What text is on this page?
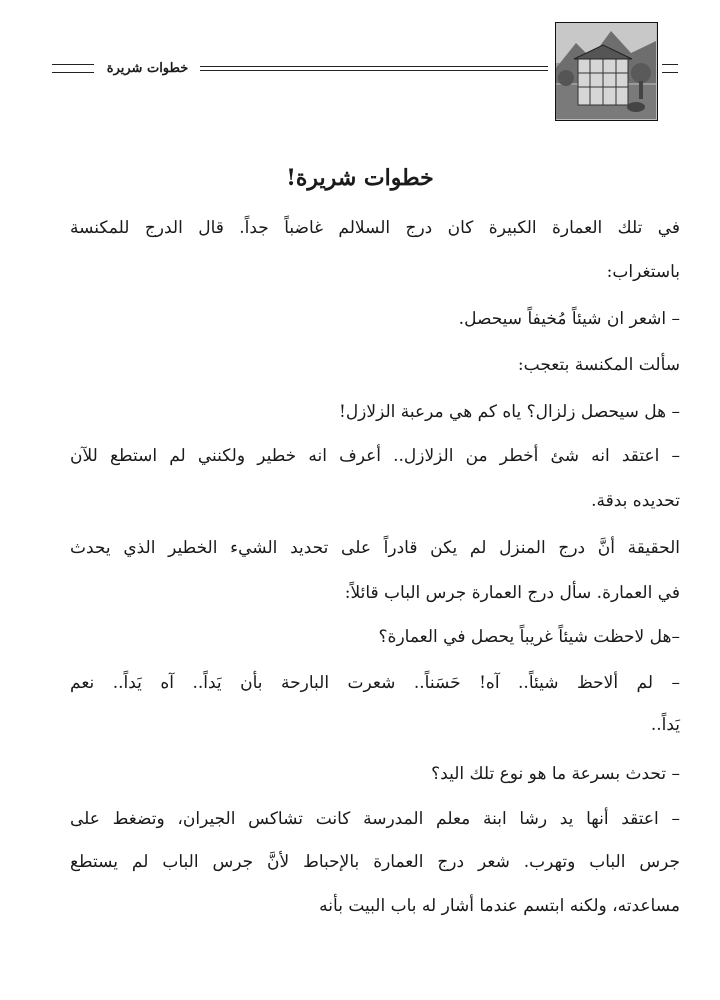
خطوات شريرة
خطوات شريرة!
في تلك العمارة الكبيرة كان درج السلالم غاضباً جداً. قال الدرج للمكنسة
باستغراب:
– اشعر ان شيئاً مُخيفاً سيحصل.
سألت المكنسة بتعجب:
– هل سيحصل زلزال؟ ياه كم هي مرعبة الزلازل!
– اعتقد انه شئ أخطر من الزلازل.. أعرف انه خطير ولكنني لم استطع للآن
تحديده بدقة.
الحقيقة أنَّ درج المنزل لم يكن قادراً على تحديد الشيء الخطير الذي يحدث
في العمارة. سأل درج العمارة جرس الباب قائلاً:
–هل لاحظت شيئاً غريباً يحصل في العمارة؟
– لم ألاحظ شيئاً.. آه! حَسَناً.. شعرت البارحة بأن يَداً.. آه يَداً.. نعم
يَداً..
– تحدث بسرعة ما هو نوع تلك اليد؟
– اعتقد أنها يد رشا ابنة معلم المدرسة كانت تشاكس الجيران، وتضغط على
جرس الباب وتهرب. شعر درج العمارة بالإحباط لأنَّ جرس الباب لم يستطع
مساعدته، ولكنه ابتسم عندما أشار له باب البيت بأنه
